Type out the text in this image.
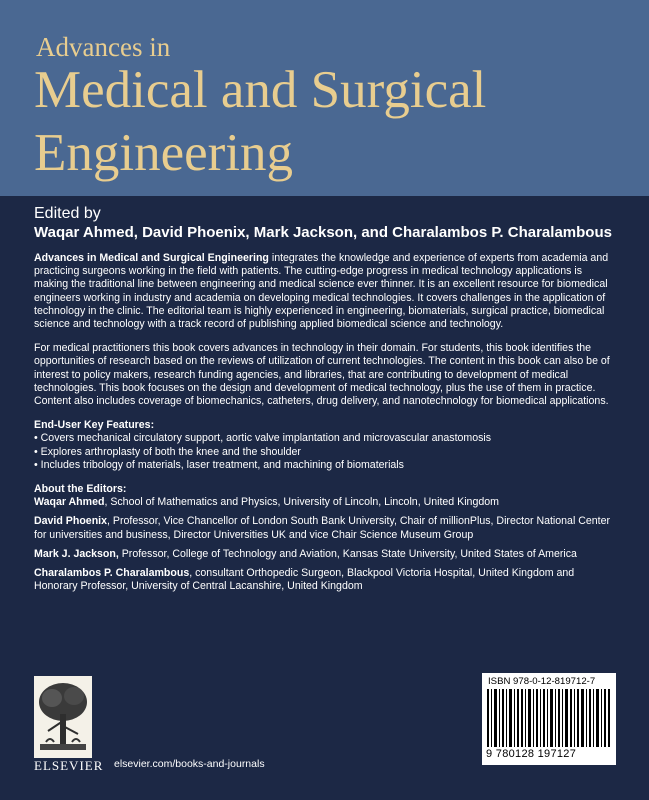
Advances in
Medical and Surgical
Engineering
Edited by
Waqar Ahmed, David Phoenix, Mark Jackson, and Charalambos P. Charalambous

Advances in Medical and Surgical Engineering integrates the knowledge and experience of experts from academia and practicing surgeons working in the field with patients. The cutting-edge progress in medical technology applications is making the traditional line between engineering and medical science ever thinner. It is an excellent resource for biomedical engineers working in industry and academia on developing medical technologies. It covers challenges in the application of technology in the clinic. The editorial team is highly experienced in engineering, biomaterials, surgical practice, biomedical science and technology with a track record of publishing applied biomedical science and technology.

For medical practitioners this book covers advances in technology in their domain. For students, this book identifies the opportunities of research based on the reviews of utilization of current technologies. The content in this book can also be of interest to policy makers, research funding agencies, and libraries, that are contributing to development of medical technologies. This book focuses on the design and development of medical technology, plus the use of them in practice. Content also includes coverage of biomechanics, catheters, drug delivery, and nanotechnology for biomedical applications.

End-User Key Features:
• Covers mechanical circulatory support, aortic valve implantation and microvascular anastomosis
• Explores arthroplasty of both the knee and the shoulder
• Includes tribology of materials, laser treatment, and machining of biomaterials
About the Editors:
Waqar Ahmed, School of Mathematics and Physics, University of Lincoln, Lincoln, United Kingdom
David Phoenix, Professor, Vice Chancellor of London South Bank University, Chair of millionPlus, Director National Center for universities and business, Director Universities UK and vice Chair Science Museum Group
Mark J. Jackson, Professor, College of Technology and Aviation, Kansas State University, United States of America
Charalambos P. Charalambous, consultant Orthopedic Surgeon, Blackpool Victoria Hospital, United Kingdom and Honorary Professor, University of Central Lacanshire, United Kingdom
ELSEVIER elsevier.com/books-and-journals
ISBN 978-0-12-819712-7
9 780128 197127
